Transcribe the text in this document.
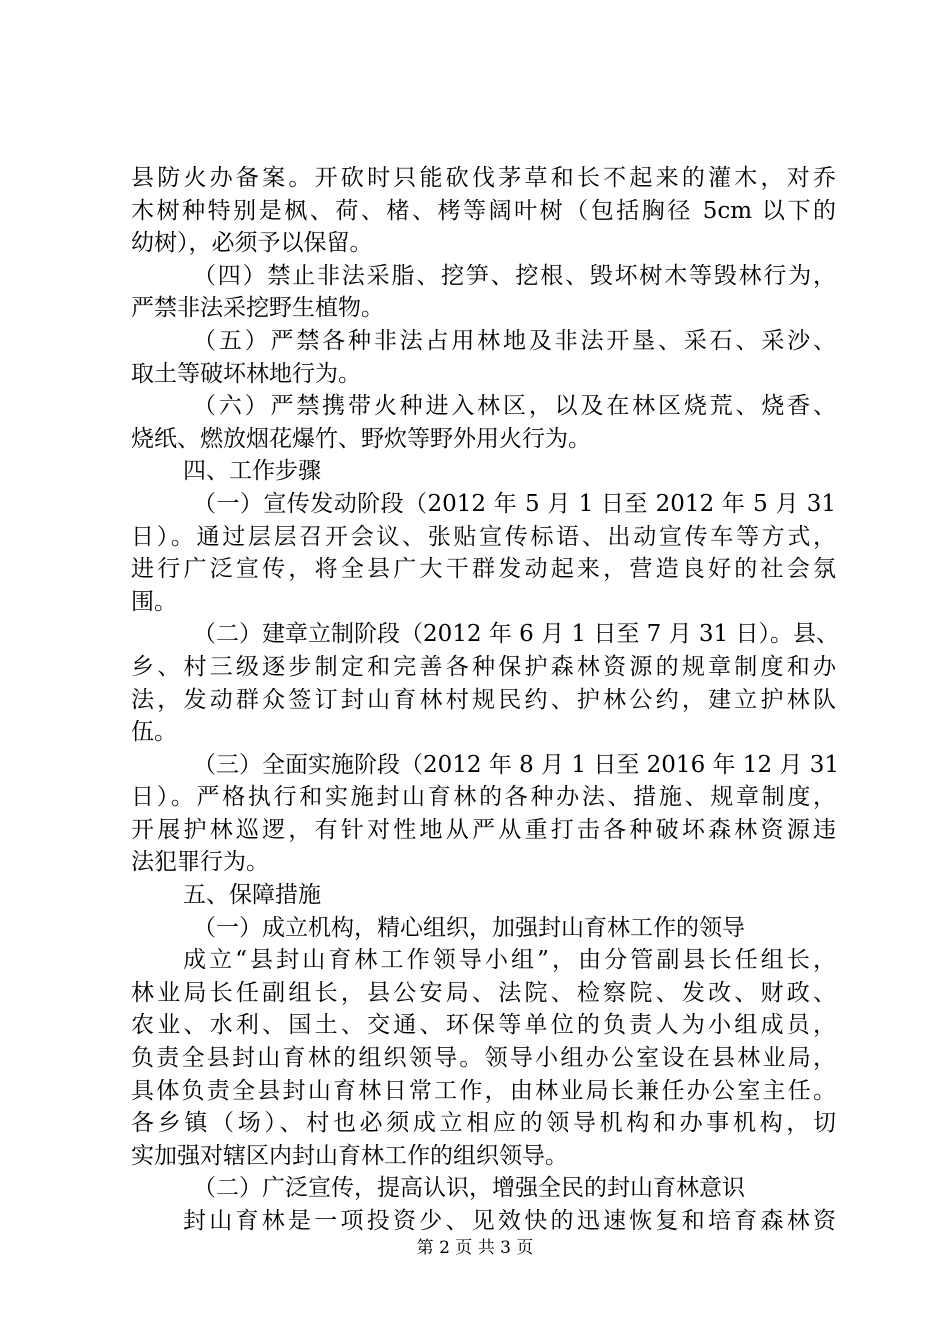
县防火办备案。开砍时只能砍伐茅草和长不起来的灌木，对乔
木树种特别是枫、荷、楮、栲等阔叶树（包括胸径 5cm 以下的
幼树），必须予以保留。
（四）禁止非法采脂、挖笋、挖根、毁坏树木等毁林行为，
严禁非法采挖野生植物。
（五）严禁各种非法占用林地及非法开垦、采石、采沙、
取土等破坏林地行为。
（六）严禁携带火种进入林区，以及在林区烧荒、烧香、
烧纸、燃放烟花爆竹、野炊等野外用火行为。
四、工作步骤
（一）宣传发动阶段（2012 年 5 月 1 日至 2012 年 5 月 31
日）。通过层层召开会议、张贴宣传标语、出动宣传车等方式，
进行广泛宣传，将全县广大干群发动起来，营造良好的社会氛
围。
（二）建章立制阶段（2012 年 6 月 1 日至 7 月 31 日）。县、
乡、村三级逐步制定和完善各种保护森林资源的规章制度和办
法，发动群众签订封山育林村规民约、护林公约，建立护林队
伍。
（三）全面实施阶段（2012 年 8 月 1 日至 2016 年 12 月 31
日）。严格执行和实施封山育林的各种办法、措施、规章制度，
开展护林巡逻，有针对性地从严从重打击各种破坏森林资源违
法犯罪行为。
五、保障措施
（一）成立机构，精心组织，加强封山育林工作的领导
成立“县封山育林工作领导小组”，由分管副县长任组长，
林业局长任副组长，县公安局、法院、检察院、发改、财政、
农业、水利、国土、交通、环保等单位的负责人为小组成员，
负责全县封山育林的组织领导。领导小组办公室设在县林业局，
具体负责全县封山育林日常工作，由林业局长兼任办公室主任。
各乡镇（场）、村也必须成立相应的领导机构和办事机构，切
实加强对辖区内封山育林工作的组织领导。
（二）广泛宣传，提高认识，增强全民的封山育林意识
封山育林是一项投资少、见效快的迅速恢复和培育森林资
第 2 页 共 3 页
